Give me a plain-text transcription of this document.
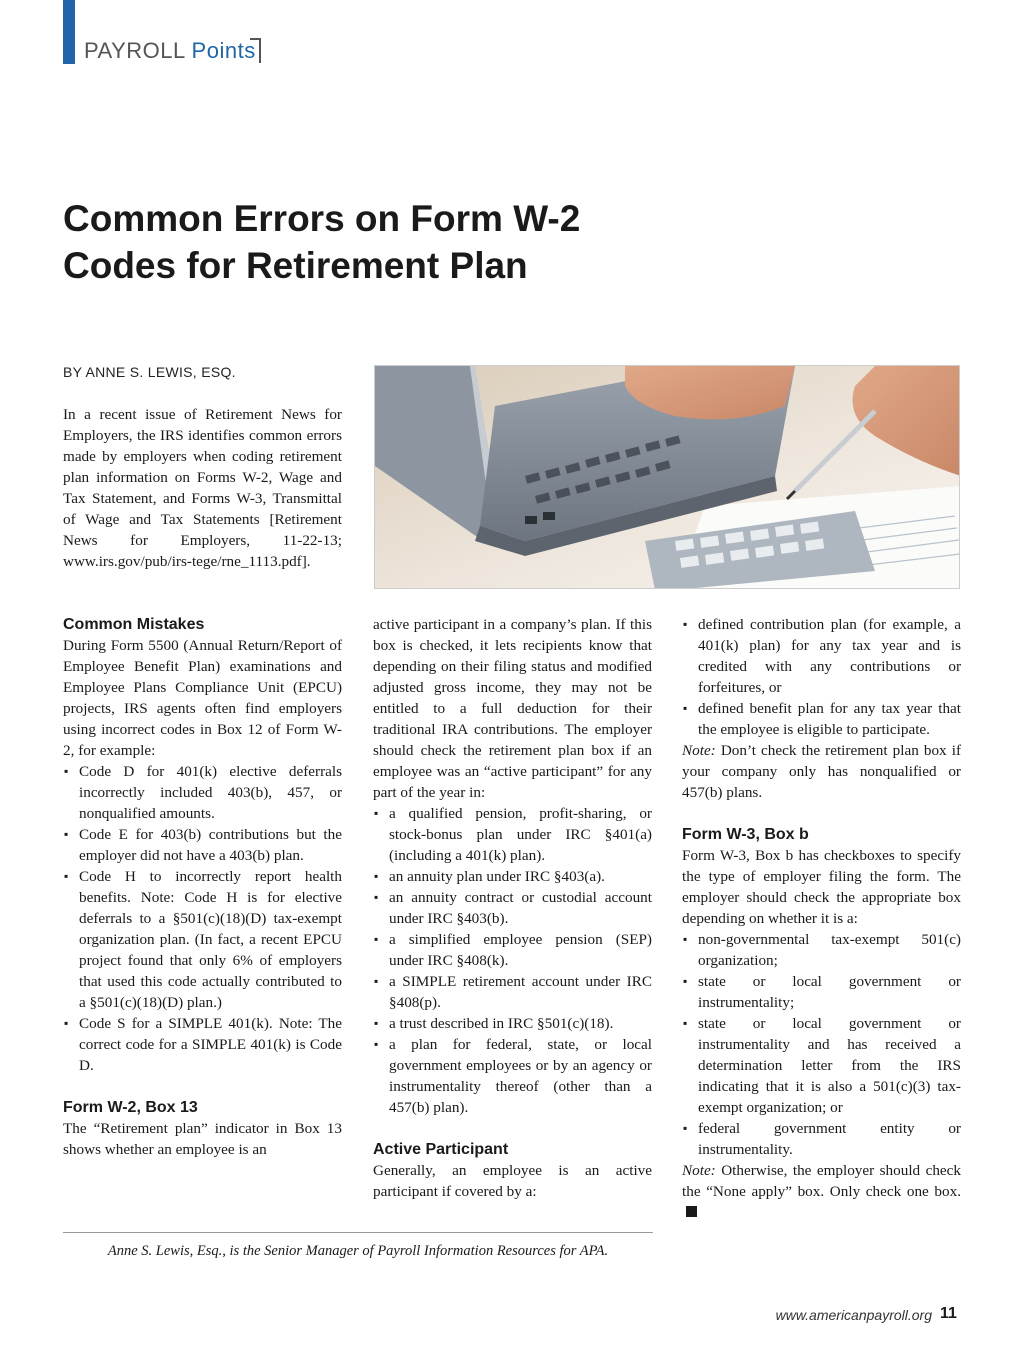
PAYROLL Points
Common Errors on Form W-2
Codes for Retirement Plan
BY ANNE S. LEWIS, ESQ.

In a recent issue of Retirement News for Employers, the IRS identifies common errors made by employers when coding retirement plan information on Forms W-2, Wage and Tax Statement, and Forms W-3, Transmittal of Wage and Tax Statements [Retirement News for Employers, 11-22-13; www.irs.gov/pub/irs-tege/rne_1113.pdf].

Common Mistakes

During Form 5500 (Annual Return/Report of Employee Benefit Plan) examinations and Employee Plans Compliance Unit (EPCU) projects, IRS agents often find employers using incorrect codes in Box 12 of Form W-2, for example:

▪ Code D for 401(k) elective deferrals incorrectly included 403(b), 457, or nonqualified amounts.
▪ Code E for 403(b) contributions but the employer did not have a 403(b) plan.
▪ Code H to incorrectly report health benefits. Note: Code H is for elective deferrals to a §501(c)(18)(D) tax-exempt organization plan. (In fact, a recent EPCU project found that only 6% of employers that used this code actually contributed to a §501(c)(18)(D) plan.)
▪ Code S for a SIMPLE 401(k). Note: The correct code for a SIMPLE 401(k) is Code D.

Form W-2, Box 13

The “Retirement plan” indicator in Box 13 shows whether an employee is an

active participant in a company’s plan. If this box is checked, it lets recipients know that depending on their filing status and modified adjusted gross income, they may not be entitled to a full deduction for their traditional IRA contributions. The employer should check the retirement plan box if an employee was an “active participant” for any part of the year in:

▪ a qualified pension, profit-sharing, or stock-bonus plan under IRC §401(a) (including a 401(k) plan).
▪ an annuity plan under IRC §403(a).
▪ an annuity contract or custodial account under IRC §403(b).
▪ a simplified employee pension (SEP) under IRC §408(k).
▪ a SIMPLE retirement account under IRC §408(p).
▪ a trust described in IRC §501(c)(18).
▪ a plan for federal, state, or local government employees or by an agency or instrumentality thereof (other than a 457(b) plan).

Active Participant

Generally, an employee is an active participant if covered by a:

▪ defined contribution plan (for example, a 401(k) plan) for any tax year and is credited with any contributions or forfeitures, or
▪ defined benefit plan for any tax year that the employee is eligible to participate.

Note: Don’t check the retirement plan box if your company only has nonqualified or 457(b) plans.

Form W-3, Box b

Form W-3, Box b has checkboxes to specify the type of employer filing the form. The employer should check the appropriate box depending on whether it is a:

▪ non-governmental tax-exempt 501(c) organization;
▪ state or local government or instrumentality;
▪ state or local government or instrumentality and has received a determination letter from the IRS indicating that it is also a 501(c)(3) tax-exempt organization; or
▪ federal government entity or instrumentality.

Note: Otherwise, the employer should check the “None apply” box. Only check one box.

Anne S. Lewis, Esq., is the Senior Manager of Payroll Information Resources for APA.
www.americanpayroll.org 11
